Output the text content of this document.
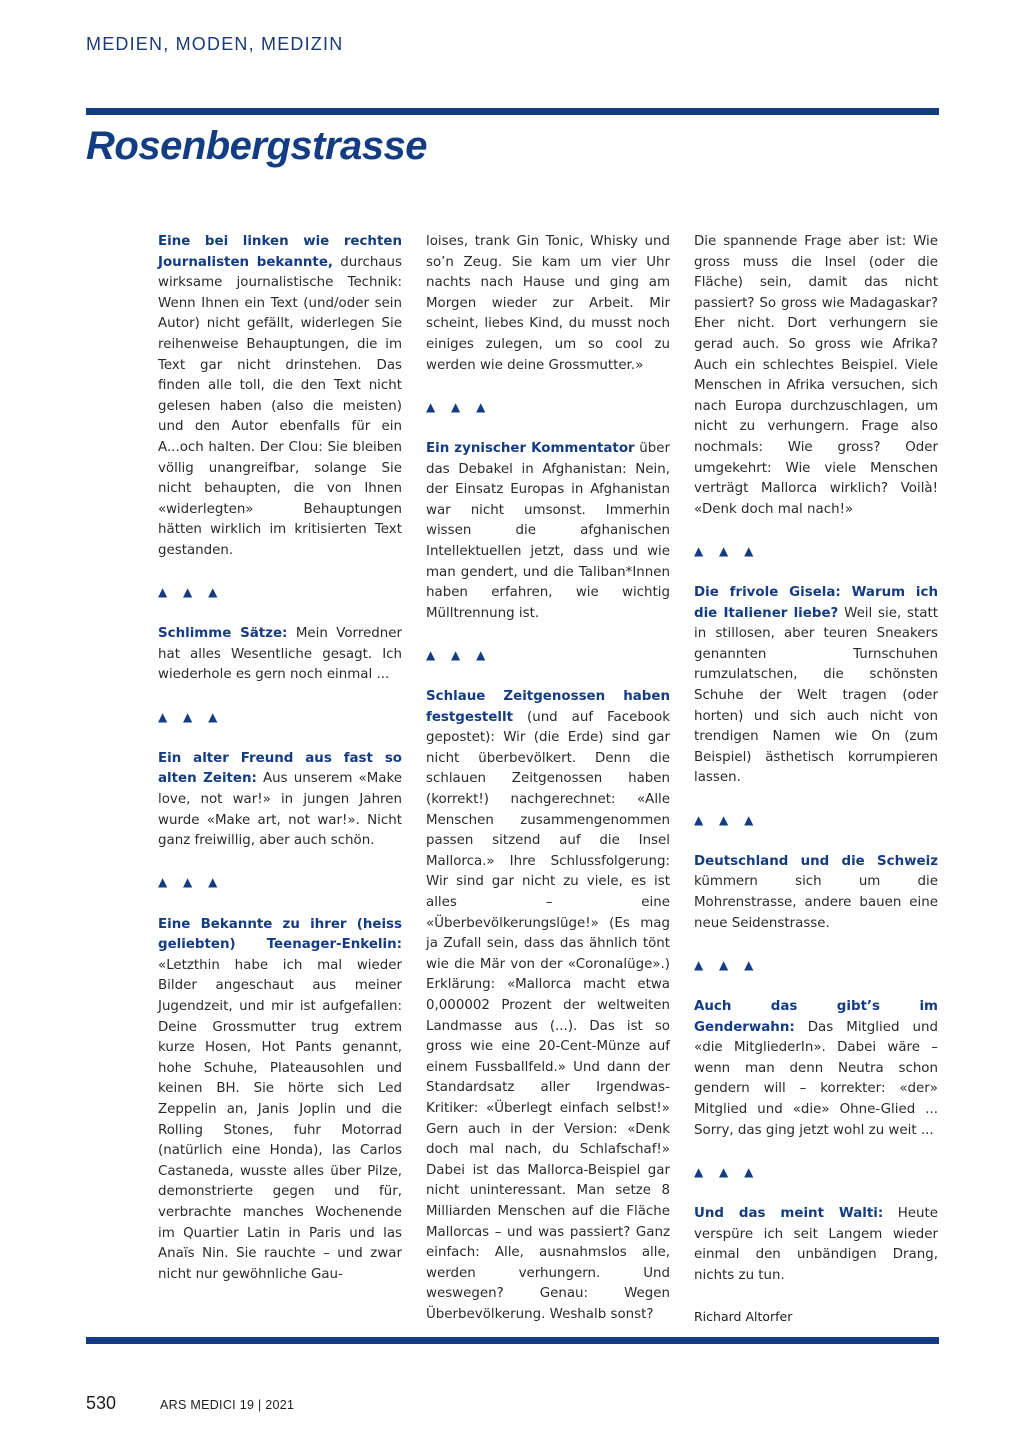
MEDIEN, MODEN, MEDIZIN
Rosenbergstrasse

Eine bei linken wie rechten Journalisten bekannte, durchaus wirksame journalistische Technik: Wenn Ihnen ein Text (und/oder sein Autor) nicht gefällt, widerlegen Sie reihenweise Behauptungen, die im Text gar nicht drinstehen. Das finden alle toll, die den Text nicht gelesen haben (also die meisten) und den Autor ebenfalls für ein A...och halten. Der Clou: Sie bleiben völlig unangreifbar, solange Sie nicht behaupten, die von Ihnen «widerlegten» Behauptungen hätten wirklich im kritisierten Text gestanden.

▲ ▲ ▲

Schlimme Sätze: Mein Vorredner hat alles Wesentliche gesagt. Ich wiederhole es gern noch einmal ...

▲ ▲ ▲

Ein alter Freund aus fast so alten Zeiten: Aus unserem «Make love, not war!» in jungen Jahren wurde «Make art, not war!». Nicht ganz freiwillig, aber auch schön.

▲ ▲ ▲

Eine Bekannte zu ihrer (heiss geliebten) Teenager-Enkelin: «Letzthin habe ich mal wieder Bilder angeschaut aus meiner Jugendzeit, und mir ist aufgefallen: Deine Grossmutter trug extrem kurze Hosen, Hot Pants genannt, hohe Schuhe, Plateausohlen und keinen BH. Sie hörte sich Led Zeppelin an, Janis Joplin und die Rolling Stones, fuhr Motorrad (natürlich eine Honda), las Carlos Castaneda, wusste alles über Pilze, demonstrierte gegen und für, verbrachte manches Wochenende im Quartier Latin in Paris und las Anaïs Nin. Sie rauchte – und zwar nicht nur gewöhnliche Gau-

loises, trank Gin Tonic, Whisky und so’n Zeug. Sie kam um vier Uhr nachts nach Hause und ging am Morgen wieder zur Arbeit. Mir scheint, liebes Kind, du musst noch einiges zulegen, um so cool zu werden wie deine Grossmutter.»

▲ ▲ ▲

Ein zynischer Kommentator über das Debakel in Afghanistan: Nein, der Einsatz Europas in Afghanistan war nicht umsonst. Immerhin wissen die afghanischen Intellektuellen jetzt, dass und wie man gendert, und die Taliban*Innen haben erfahren, wie wichtig Mülltrennung ist.

▲ ▲ ▲

Schlaue Zeitgenossen haben festgestellt (und auf Facebook gepostet): Wir (die Erde) sind gar nicht überbevölkert. Denn die schlauen Zeitgenossen haben (korrekt!) nachgerechnet: «Alle Menschen zusammengenommen passen sitzend auf die Insel Mallorca.» Ihre Schlussfolgerung: Wir sind gar nicht zu viele, es ist alles – eine «Überbevölkerungslüge!» (Es mag ja Zufall sein, dass das ähnlich tönt wie die Mär von der «Coronalüge».) Erklärung: «Mallorca macht etwa 0,000002 Prozent der weltweiten Landmasse aus (...). Das ist so gross wie eine 20-Cent-Münze auf einem Fussballfeld.» Und dann der Standardsatz aller Irgendwas-Kritiker: «Überlegt einfach selbst!» Gern auch in der Version: «Denk doch mal nach, du Schlafschaf!» Dabei ist das Mallorca-Beispiel gar nicht uninteressant. Man setze 8 Milliarden Menschen auf die Fläche Mallorcas – und was passiert? Ganz einfach: Alle, ausnahmslos alle, werden verhungern. Und weswegen? Genau: Wegen Überbevölkerung. Weshalb sonst?

Die spannende Frage aber ist: Wie gross muss die Insel (oder die Fläche) sein, damit das nicht passiert? So gross wie Madagaskar? Eher nicht. Dort verhungern sie gerad auch. So gross wie Afrika? Auch ein schlechtes Beispiel. Viele Menschen in Afrika versuchen, sich nach Europa durchzuschlagen, um nicht zu verhungern. Frage also nochmals: Wie gross? Oder umgekehrt: Wie viele Menschen verträgt Mallorca wirklich? Voilà! «Denk doch mal nach!»

▲ ▲ ▲

Die frivole Gisela: Warum ich die Italiener liebe? Weil sie, statt in stillosen, aber teuren Sneakers genannten Turnschuhen rumzulatschen, die schönsten Schuhe der Welt tragen (oder horten) und sich auch nicht von trendigen Namen wie On (zum Beispiel) ästhetisch korrumpieren lassen.

▲ ▲ ▲

Deutschland und die Schweiz kümmern sich um die Mohrenstrasse, andere bauen eine neue Seidenstrasse.

▲ ▲ ▲

Auch das gibt’s im Genderwahn: Das Mitglied und «die MitgliederIn». Dabei wäre – wenn man denn Neutra schon gendern will – korrekter: «der» Mitglied und «die» Ohne-Glied ... Sorry, das ging jetzt wohl zu weit ...

▲ ▲ ▲

Und das meint Walti: Heute verspüre ich seit Langem wieder einmal den unbändigen Drang, nichts zu tun.

Richard Altorfer

530	ARS MEDICI 19 | 2021
